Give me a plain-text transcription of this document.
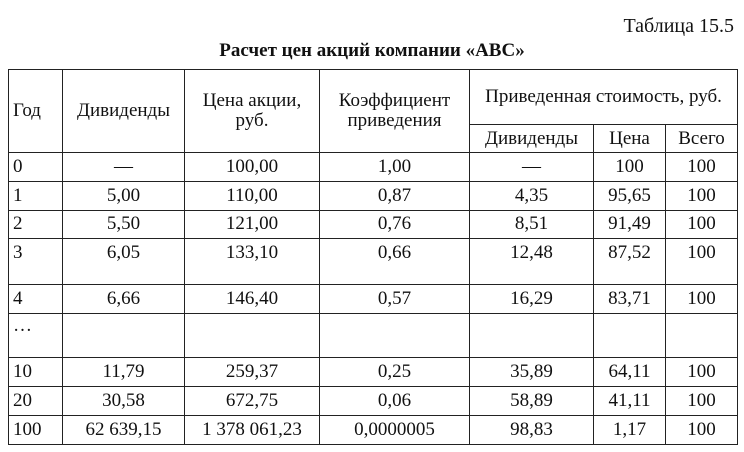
Таблица 15.5
Расчет цен акций компании «ABC»
Год	Дивиденды	Цена акции, руб.	Коэффициент приведения	Приведенная стоимость, руб.		
				Дивиденды	Цена	Всего
0	—	100,00	1,00	—	100	100
1	5,00	110,00	0,87	4,35	95,65	100
2	5,50	121,00	0,76	8,51	91,49	100
3	6,05	133,10	0,66	12,48	87,52	100
4	6,66	146,40	0,57	16,29	83,71	100
…						
10	11,79	259,37	0,25	35,89	64,11	100
20	30,58	672,75	0,06	58,89	41,11	100
100	62 639,15	1 378 061,23	0,0000005	98,83	1,17	100
